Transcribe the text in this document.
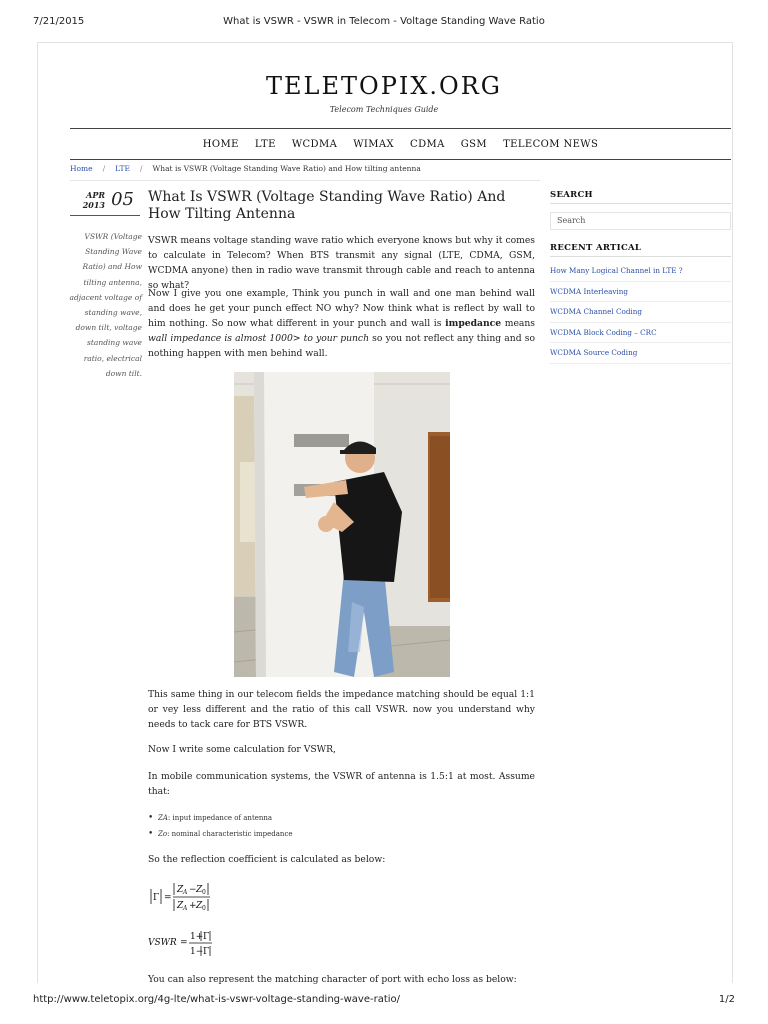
7/21/2015	What is VSWR - VSWR in Telecom - Voltage Standing Wave Ratio
TELETOPIX.ORG
Telecom Techniques Guide
HOME LTE WCDMA WIMAX CDMA GSM TELECOM NEWS
Home / LTE / What is VSWR (Voltage Standing Wave Ratio) and How tilting antenna
APR
2013 05
VSWR (Voltage Standing Wave Ratio) and How tilting antenna, adjacent voltage of standing wave, down tilt, voltage standing wave ratio, electrical down tilt.
What Is VSWR (Voltage Standing Wave Ratio) And How Tilting Antenna

VSWR means voltage standing wave ratio which everyone knows but why it comes to calculate in Telecom? When BTS transmit any signal (LTE, CDMA, GSM, WCDMA anyone) then in radio wave transmit through cable and reach to antenna so what?

Now I give you one example, Think you punch in wall and one man behind wall and does he get your punch effect NO why? Now think what is reflect by wall to him nothing. So now what different in your punch and wall is impedance means wall impedance is almost 1000> to your punch so you not reflect any thing and so nothing happen with men behind wall.

This same thing in our telecom fields the impedance matching should be equal 1:1 or vey less different and the ratio of this call VSWR. now you understand why needs to tack care for BTS VSWR.

Now I write some calculation for VSWR,

In mobile communication systems, the VSWR of antenna is 1.5:1 at most. Assume that:

• ZA: input impedance of antenna
• Zo: nominal characteristic impedance

So the reflection coefficient is calculated as below:

Γ =
Z A − Z 0
Z A + Z 0
VSWR =
1+ Γ
1− Γ

You can also represent the matching character of port with echo loss as below:

SEARCH
Search
RECENT ARTICAL
How Many Logical Channel in LTE ?
WCDMA Interleaving
WCDMA Channel Coding
WCDMA Block Coding – CRC
WCDMA Source Coding
http://www.teletopix.org/4g-lte/what-is-vswr-voltage-standing-wave-ratio/	1/2
